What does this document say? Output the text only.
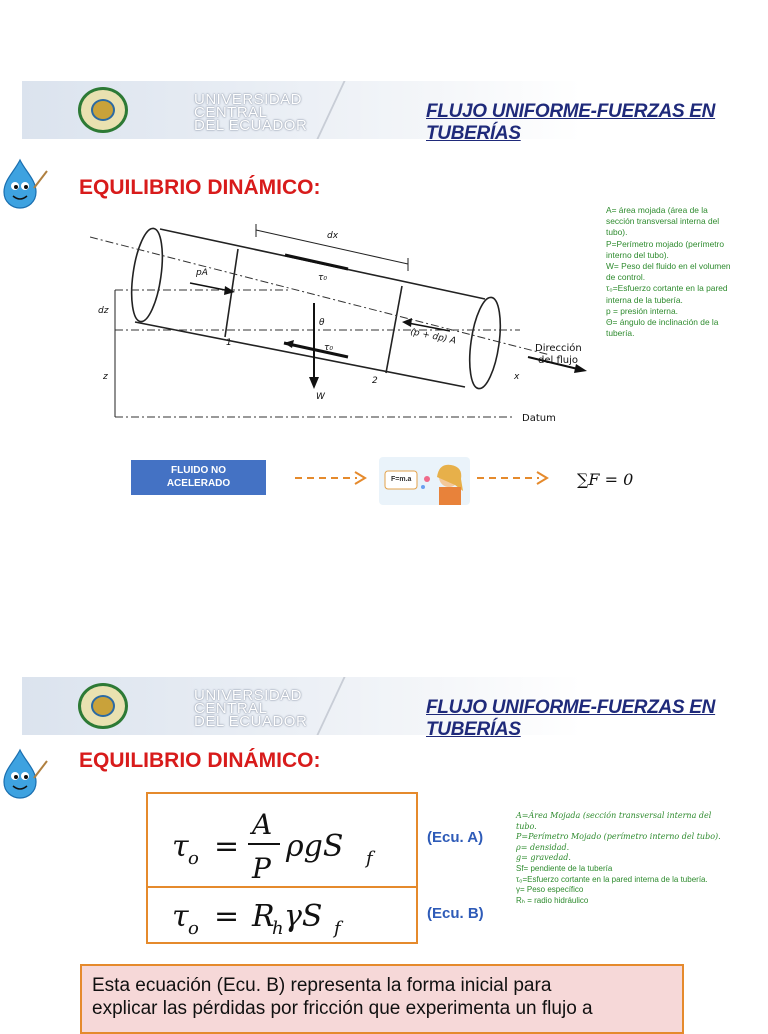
UNIVERSIDAD
CENTRAL
DEL ECUADOR
FLUJO UNIFORME-FUERZAS EN TUBERÍAS
EQUILIBRIO DINÁMICO:
dx
pA	τ₀
dz
θ
(p + dp) A
τ₀
1
2
z
W
x
Dirección
del flujo
Datum
A= área mojada (área de la
sección transversal interna del
tubo).
P=Perímetro mojado (perímetro
interno del tubo).
W= Peso del fluido en el volumen
de control.
τ₀=Esfuerzo cortante en la pared
interna de la tubería.
p = presión interna.
Θ= ángulo de inclinación de la
tubería.
FLUIDO NO
ACELERADO	F=m.a	∑F = 0
UNIVERSIDAD
CENTRAL
DEL ECUADOR
FLUJO UNIFORME-FUERZAS EN TUBERÍAS
EQUILIBRIO DINÁMICO:
τ o =
A
P
ρgS f
τ o = R
h γS f
(Ecu. A)
(Ecu. B)
A=Área Mojada (sección transversal interna del
tubo.
P=Perímetro Mojado (perímetro interno del tubo).
ρ= densidad.
g= gravedad.
Sf= pendiente de la tubería
τ₀=Esfuerzo cortante en la pared interna de la tubería.
γ= Peso específico
Rₕ = radio hidráulico
Esta ecuación (Ecu. B) representa la forma inicial para
explicar las pérdidas por fricción que experimenta un flujo a
